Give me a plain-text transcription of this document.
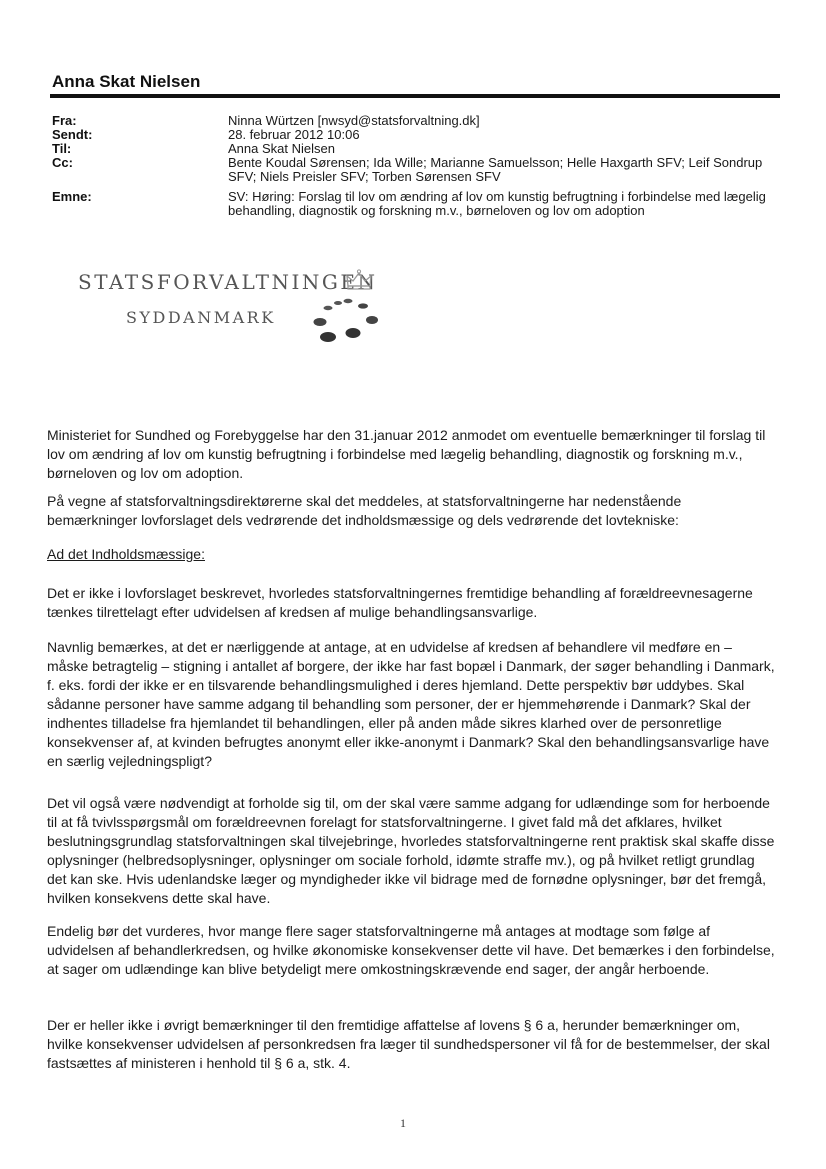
Anna Skat Nielsen
Fra:	Ninna Würtzen [nwsyd@statsforvaltning.dk]
Sendt:	28. februar 2012 10:06
Til:	Anna Skat Nielsen
Cc:	Bente Koudal Sørensen; Ida Wille; Marianne Samuelsson; Helle Haxgarth SFV; Leif Sondrup SFV; Niels Preisler SFV; Torben Sørensen SFV
Emne:	SV: Høring: Forslag til lov om ændring af lov om kunstig befrugtning i forbindelse med lægelig behandling, diagnostik og forskning m.v., børneloven og lov om adoption
STATSFORVALTNINGEN
SYDDANMARK

Ministeriet for Sundhed og Forebyggelse har den 31.januar 2012 anmodet om eventuelle bemærkninger til forslag til lov om ændring af lov om kunstig befrugtning i forbindelse med lægelig behandling, diagnostik og forskning m.v., børneloven og lov om adoption.

På vegne af statsforvaltningsdirektørerne skal det meddeles, at statsforvaltningerne har nedenstående bemærkninger lovforslaget dels vedrørende det indholdsmæssige og dels vedrørende det lovtekniske:

Ad det Indholdsmæssige:

Det er ikke i lovforslaget beskrevet, hvorledes statsforvaltningernes fremtidige behandling af forældreevnesagerne tænkes tilrettelagt efter udvidelsen af kredsen af mulige behandlingsansvarlige.

Navnlig bemærkes, at det er nærliggende at antage, at en udvidelse af kredsen af behandlere vil medføre en – måske betragtelig – stigning i antallet af borgere, der ikke har fast bopæl i Danmark, der søger behandling i Danmark, f. eks. fordi der ikke er en tilsvarende behandlingsmulighed i deres hjemland. Dette perspektiv bør uddybes. Skal sådanne personer have samme adgang til behandling som personer, der er hjemmehørende i Danmark? Skal der indhentes tilladelse fra hjemlandet til behandlingen, eller på anden måde sikres klarhed over de personretlige konsekvenser af, at kvinden befrugtes anonymt eller ikke-anonymt i Danmark? Skal den behandlingsansvarlige have en særlig vejledningspligt?

Det vil også være nødvendigt at forholde sig til, om der skal være samme adgang for udlændinge som for herboende til at få tvivlsspørgsmål om forældreevnen forelagt for statsforvaltningerne. I givet fald må det afklares, hvilket beslutningsgrundlag statsforvaltningen skal tilvejebringe, hvorledes statsforvaltningerne rent praktisk skal skaffe disse oplysninger (helbredsoplysninger, oplysninger om sociale forhold, idømte straffe mv.), og på hvilket retligt grundlag det kan ske. Hvis udenlandske læger og myndigheder ikke vil bidrage med de fornødne oplysninger, bør det fremgå, hvilken konsekvens dette skal have.

Endelig bør det vurderes, hvor mange flere sager statsforvaltningerne må antages at modtage som følge af udvidelsen af behandlerkredsen, og hvilke økonomiske konsekvenser dette vil have. Det bemærkes i den forbindelse, at sager om udlændinge kan blive betydeligt mere omkostningskrævende end sager, der angår herboende.

Der er heller ikke i øvrigt bemærkninger til den fremtidige affattelse af lovens § 6 a, herunder bemærkninger om, hvilke konsekvenser udvidelsen af personkredsen fra læger til sundhedspersoner vil få for de bestemmelser, der skal fastsættes af ministeren i henhold til § 6 a, stk. 4.

1
